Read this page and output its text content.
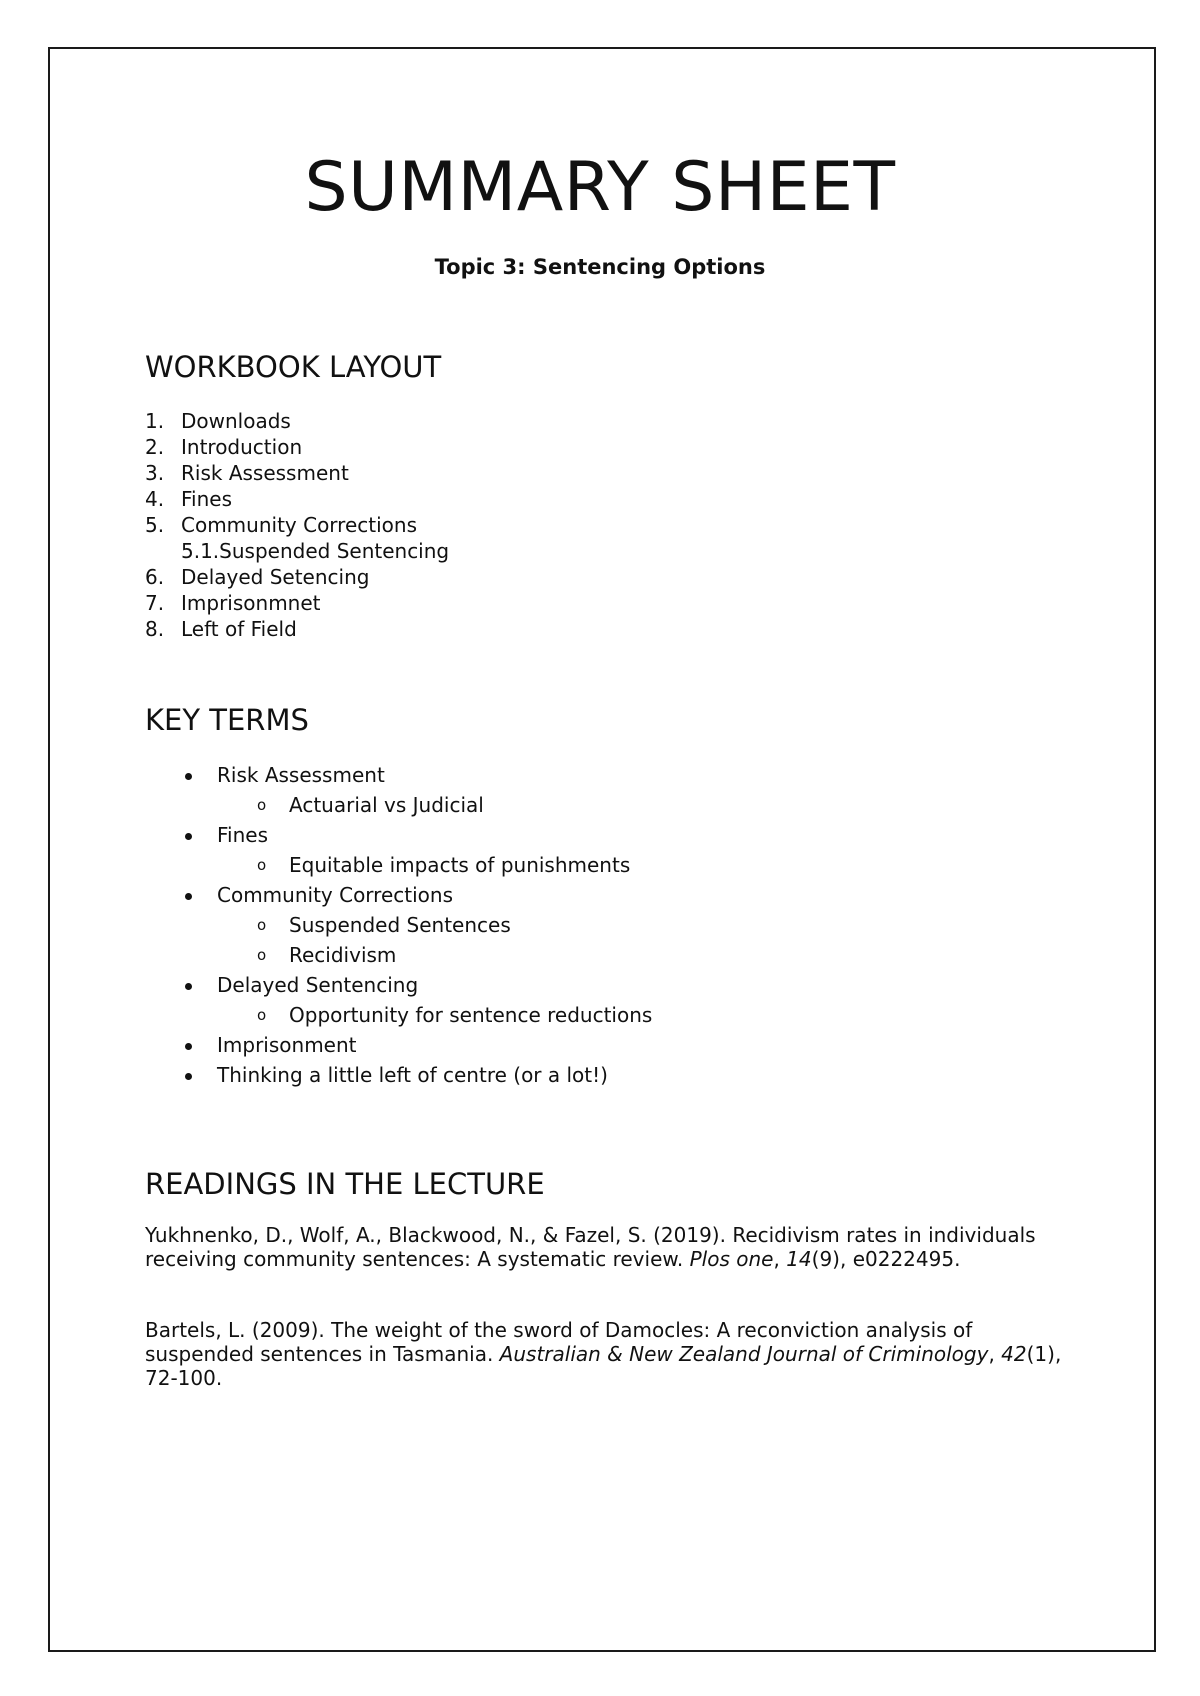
SUMMARY SHEET
Topic 3: Sentencing Options
WORKBOOK LAYOUT
1. Downloads
2. Introduction
3. Risk Assessment
4. Fines
5. Community Corrections
5.1. Suspended Sentencing
6. Delayed Setencing
7. Imprisonmnet
8. Left of Field
KEY TERMS
Risk Assessment
o	Actuarial vs Judicial
Fines
o	Equitable impacts of punishments
Community Corrections
o	Suspended Sentences
o	Recidivism
Delayed Sentencing
o	Opportunity for sentence reductions
Imprisonment
Thinking a little left of centre (or a lot!)
READINGS IN THE LECTURE

Yukhnenko, D., Wolf, A., Blackwood, N., & Fazel, S. (2019). Recidivism rates in individuals receiving community sentences: A systematic review. Plos one, 14(9), e0222495.

Bartels, L. (2009). The weight of the sword of Damocles: A reconviction analysis of suspended sentences in Tasmania. Australian & New Zealand Journal of Criminology, 42(1), 72-100.
